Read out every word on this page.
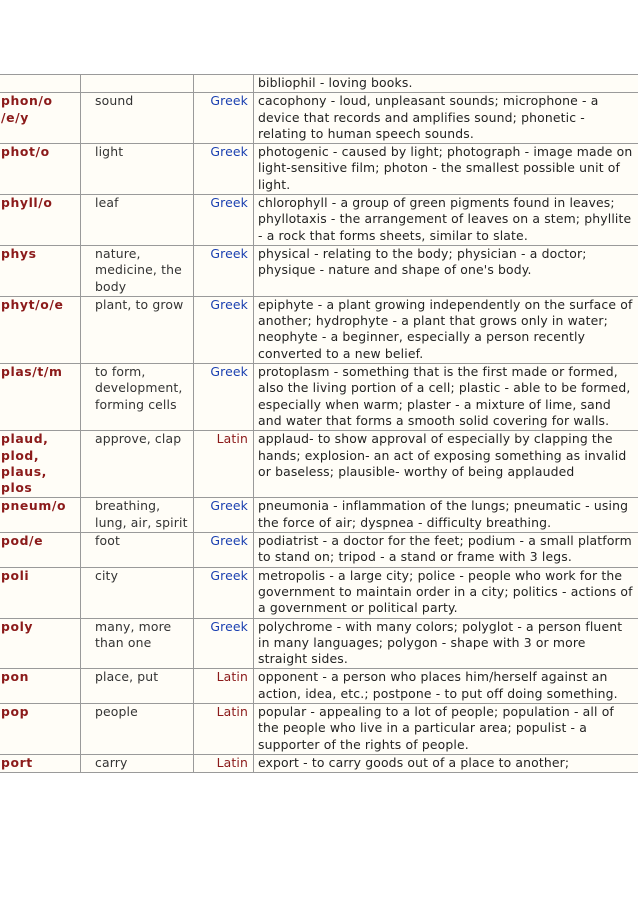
			bibliophil - loving books.
phon/o /e/y	sound	Greek	cacophony - loud, unpleasant sounds; microphone - a device that records and amplifies sound; phonetic - relating to human speech sounds.
phot/o	light	Greek	photogenic - caused by light; photograph - image made on light-sensitive film; photon - the smallest possible unit of light.
phyll/o	leaf	Greek	chlorophyll - a group of green pigments found in leaves; phyllotaxis - the arrangement of leaves on a stem; phyllite - a rock that forms sheets, similar to slate.
phys	nature, medicine, the body	Greek	physical - relating to the body; physician - a doctor; physique - nature and shape of one's body.
phyt/o/e	plant, to grow	Greek	epiphyte - a plant growing independently on the surface of another; hydrophyte - a plant that grows only in water; neophyte - a beginner, especially a person recently converted to a new belief.
plas/t/m	to form, development, forming cells	Greek	protoplasm - something that is the first made or formed, also the living portion of a cell; plastic - able to be formed, especially when warm; plaster - a mixture of lime, sand and water that forms a smooth solid covering for walls.
plaud, plod, plaus, plos	approve, clap	Latin	applaud- to show approval of especially by clapping the hands; explosion- an act of exposing something as invalid or baseless; plausible- worthy of being applauded
pneum/o	breathing, lung, air, spirit	Greek	pneumonia - inflammation of the lungs; pneumatic - using the force of air; dyspnea - difficulty breathing.
pod/e	foot	Greek	podiatrist - a doctor for the feet; podium - a small platform to stand on; tripod - a stand or frame with 3 legs.
poli	city	Greek	metropolis - a large city; police - people who work for the government to maintain order in a city; politics - actions of a government or political party.
poly	many, more than one	Greek	polychrome - with many colors; polyglot - a person fluent in many languages; polygon - shape with 3 or more straight sides.
pon	place, put	Latin	opponent - a person who places him/herself against an action, idea, etc.; postpone - to put off doing something.
pop	people	Latin	popular - appealing to a lot of people; population - all of the people who live in a particular area; populist - a supporter of the rights of people.
port	carry	Latin	export - to carry goods out of a place to another;
